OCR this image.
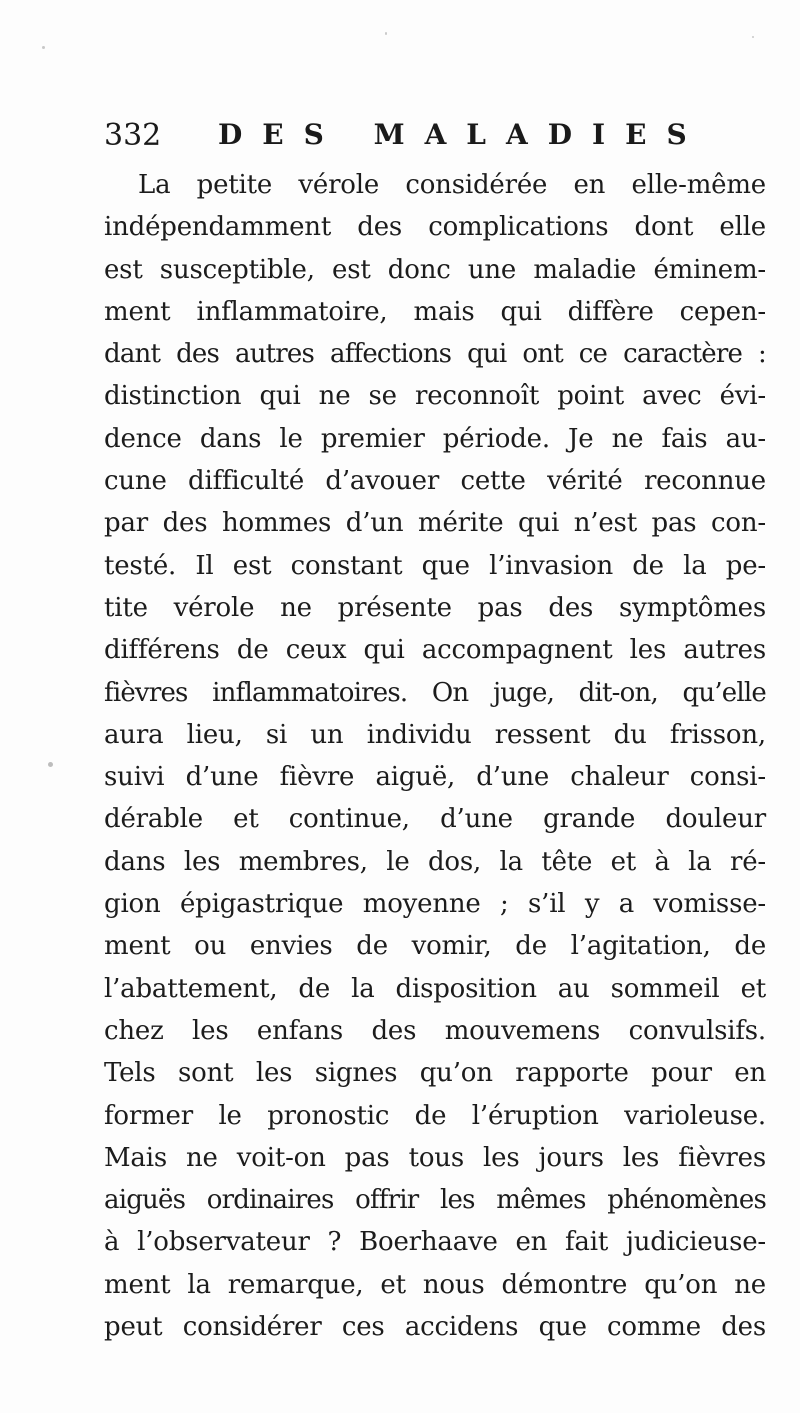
332 DES MALADIES
La petite vérole considérée en elle-même
indépendamment des complications dont elle
est susceptible, est donc une maladie éminem-
ment inflammatoire, mais qui diffère cepen-
dant des autres affections qui ont ce caractère :
distinction qui ne se reconnoît point avec évi-
dence dans le premier période. Je ne fais au-
cune difficulté d’avouer cette vérité reconnue
par des hommes d’un mérite qui n’est pas con-
testé. Il est constant que l’invasion de la pe-
tite vérole ne présente pas des symptômes
différens de ceux qui accompagnent les autres
fièvres inflammatoires. On juge, dit-on, qu’elle
aura lieu, si un individu ressent du frisson,
suivi d’une fièvre aiguë, d’une chaleur consi-
dérable et continue, d’une grande douleur
dans les membres, le dos, la tête et à la ré-
gion épigastrique moyenne ; s’il y a vomisse-
ment ou envies de vomir, de l’agitation, de
l’abattement, de la disposition au sommeil et
chez les enfans des mouvemens convulsifs.
Tels sont les signes qu’on rapporte pour en
former le pronostic de l’éruption varioleuse.
Mais ne voit-on pas tous les jours les fièvres
aiguës ordinaires offrir les mêmes phénomènes
à l’observateur ? Boerhaave en fait judicieuse-
ment la remarque, et nous démontre qu’on ne
peut considérer ces accidens que comme des
